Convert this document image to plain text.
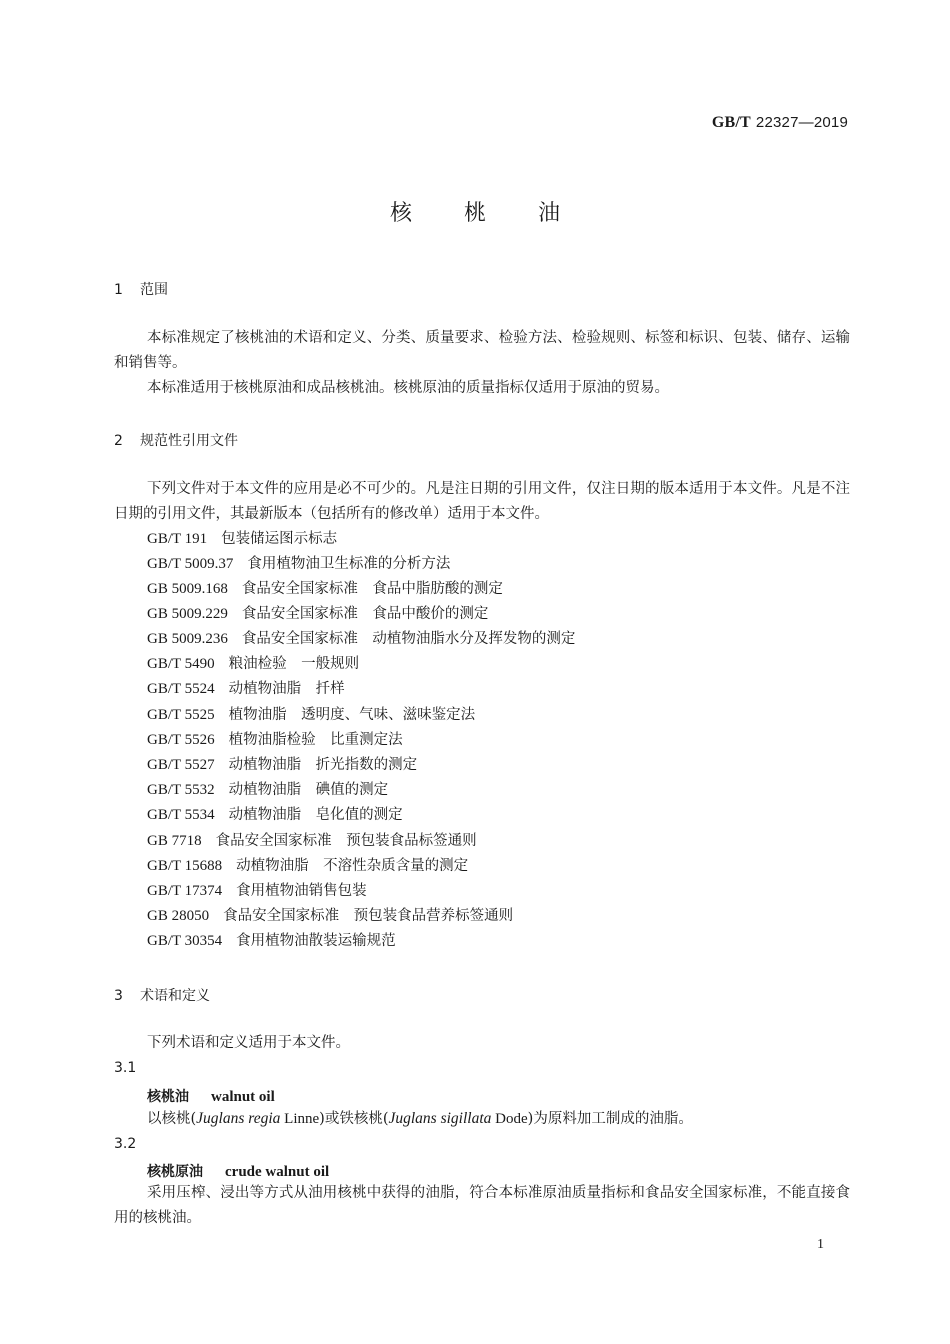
GB/T 22327—2019
核桃油
1 范围
本标准规定了核桃油的术语和定义、分类、质量要求、检验方法、检验规则、标签和标识、包装、储存、运输和销售等。
本标准适用于核桃原油和成品核桃油。核桃原油的质量指标仅适用于原油的贸易。
2 规范性引用文件
下列文件对于本文件的应用是必不可少的。凡是注日期的引用文件，仅注日期的版本适用于本文件。凡是不注日期的引用文件，其最新版本（包括所有的修改单）适用于本文件。
GB/T 191 包装储运图示标志
GB/T 5009.37 食用植物油卫生标准的分析方法
GB 5009.168 食品安全国家标准　食品中脂肪酸的测定
GB 5009.229 食品安全国家标准　食品中酸价的测定
GB 5009.236 食品安全国家标准　动植物油脂水分及挥发物的测定
GB/T 5490 粮油检验　一般规则
GB/T 5524 动植物油脂　扦样
GB/T 5525 植物油脂　透明度、气味、滋味鉴定法
GB/T 5526 植物油脂检验　比重测定法
GB/T 5527 动植物油脂　折光指数的测定
GB/T 5532 动植物油脂　碘值的测定
GB/T 5534 动植物油脂　皂化值的测定
GB 7718 食品安全国家标准　预包装食品标签通则
GB/T 15688 动植物油脂　不溶性杂质含量的测定
GB/T 17374 食用植物油销售包装
GB 28050 食品安全国家标准　预包装食品营养标签通则
GB/T 30354 食用植物油散装运输规范
3 术语和定义
下列术语和定义适用于本文件。
3.1
核桃油 walnut oil
以核桃(Juglans regia Linne)或铁核桃(Juglans sigillata Dode)为原料加工制成的油脂。
3.2
核桃原油 crude walnut oil
采用压榨、浸出等方式从油用核桃中获得的油脂，符合本标准原油质量指标和食品安全国家标准，不能直接食用的核桃油。
1
